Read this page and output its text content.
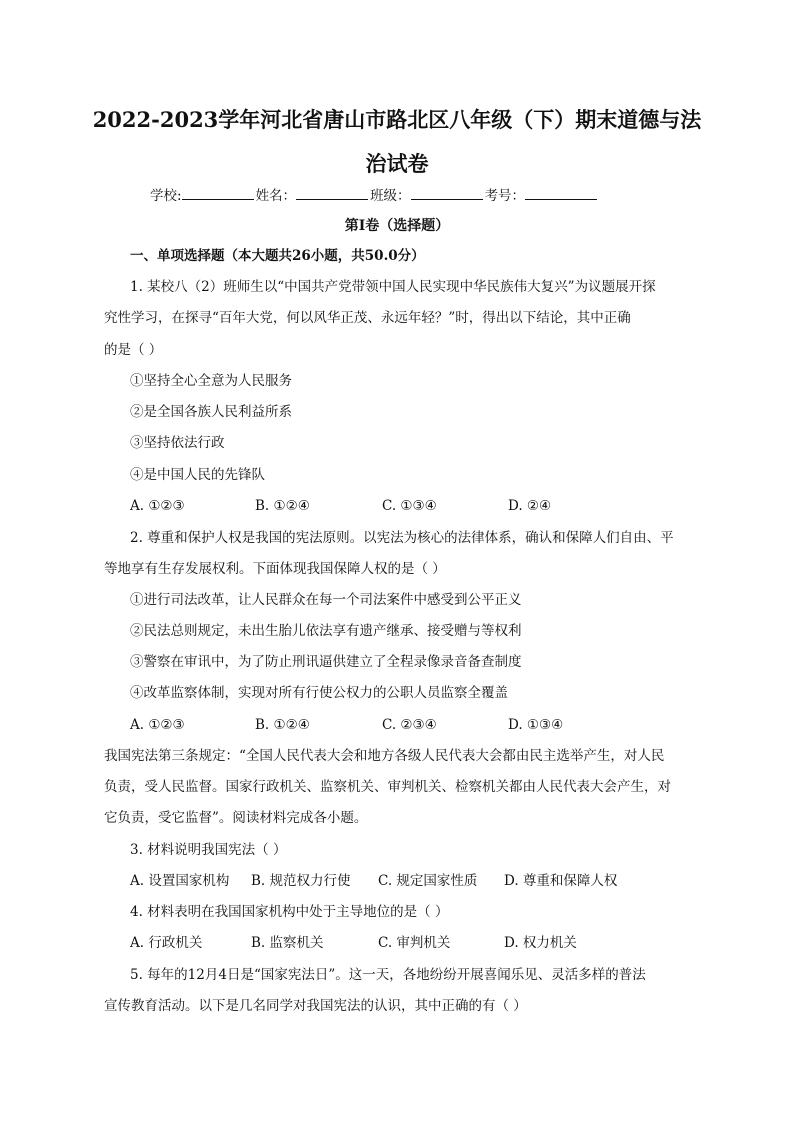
2022-2023学年河北省唐山市路北区八年级（下）期末道德与法
治试卷
学校:	姓名：	班级：	考号：
第I卷（选择题）
一、单项选择题（本大题共26小题，共50.0分）
1. 某校八（2）班师生以“中国共产党带领中国人民实现中华民族伟大复兴”为议题展开探
究性学习，在探寻“百年大党，何以风华正茂、永远年轻？”时，得出以下结论，其中正确
的是（ ）
①坚持全心全意为人民服务
②是全国各族人民利益所系
③坚持依法行政
④是中国人民的先锋队
A. ①②③	B. ①②④	C. ①③④	D. ②④
2. 尊重和保护人权是我国的宪法原则。以宪法为核心的法律体系，确认和保障人们自由、平
等地享有生存发展权利。下面体现我国保障人权的是（ ）
①进行司法改革，让人民群众在每一个司法案件中感受到公平正义
②民法总则规定，未出生胎儿依法享有遗产继承、接受赠与等权利
③警察在审讯中，为了防止刑讯逼供建立了全程录像录音备查制度
④改革监察体制，实现对所有行使公权力的公职人员监察全覆盖
A. ①②③	B. ①②④	C. ②③④	D. ①③④
我国宪法第三条规定：“全国人民代表大会和地方各级人民代表大会都由民主选举产生，对人民
负责，受人民监督。国家行政机关、监察机关、审判机关、检察机关都由人民代表大会产生，对
它负责，受它监督”。阅读材料完成各小题。
3. 材料说明我国宪法（ ）
A. 设置国家机构 B. 规范权力行使 C. 规定国家性质 D. 尊重和保障人权
4. 材料表明在我国国家机构中处于主导地位的是（ ）
A. 行政机关	B. 监察机关	C. 审判机关	D. 权力机关
5. 每年的12月4日是“国家宪法日”。这一天，各地纷纷开展喜闻乐见、灵活多样的普法
宣传教育活动。以下是几名同学对我国宪法的认识，其中正确的有（ ）
